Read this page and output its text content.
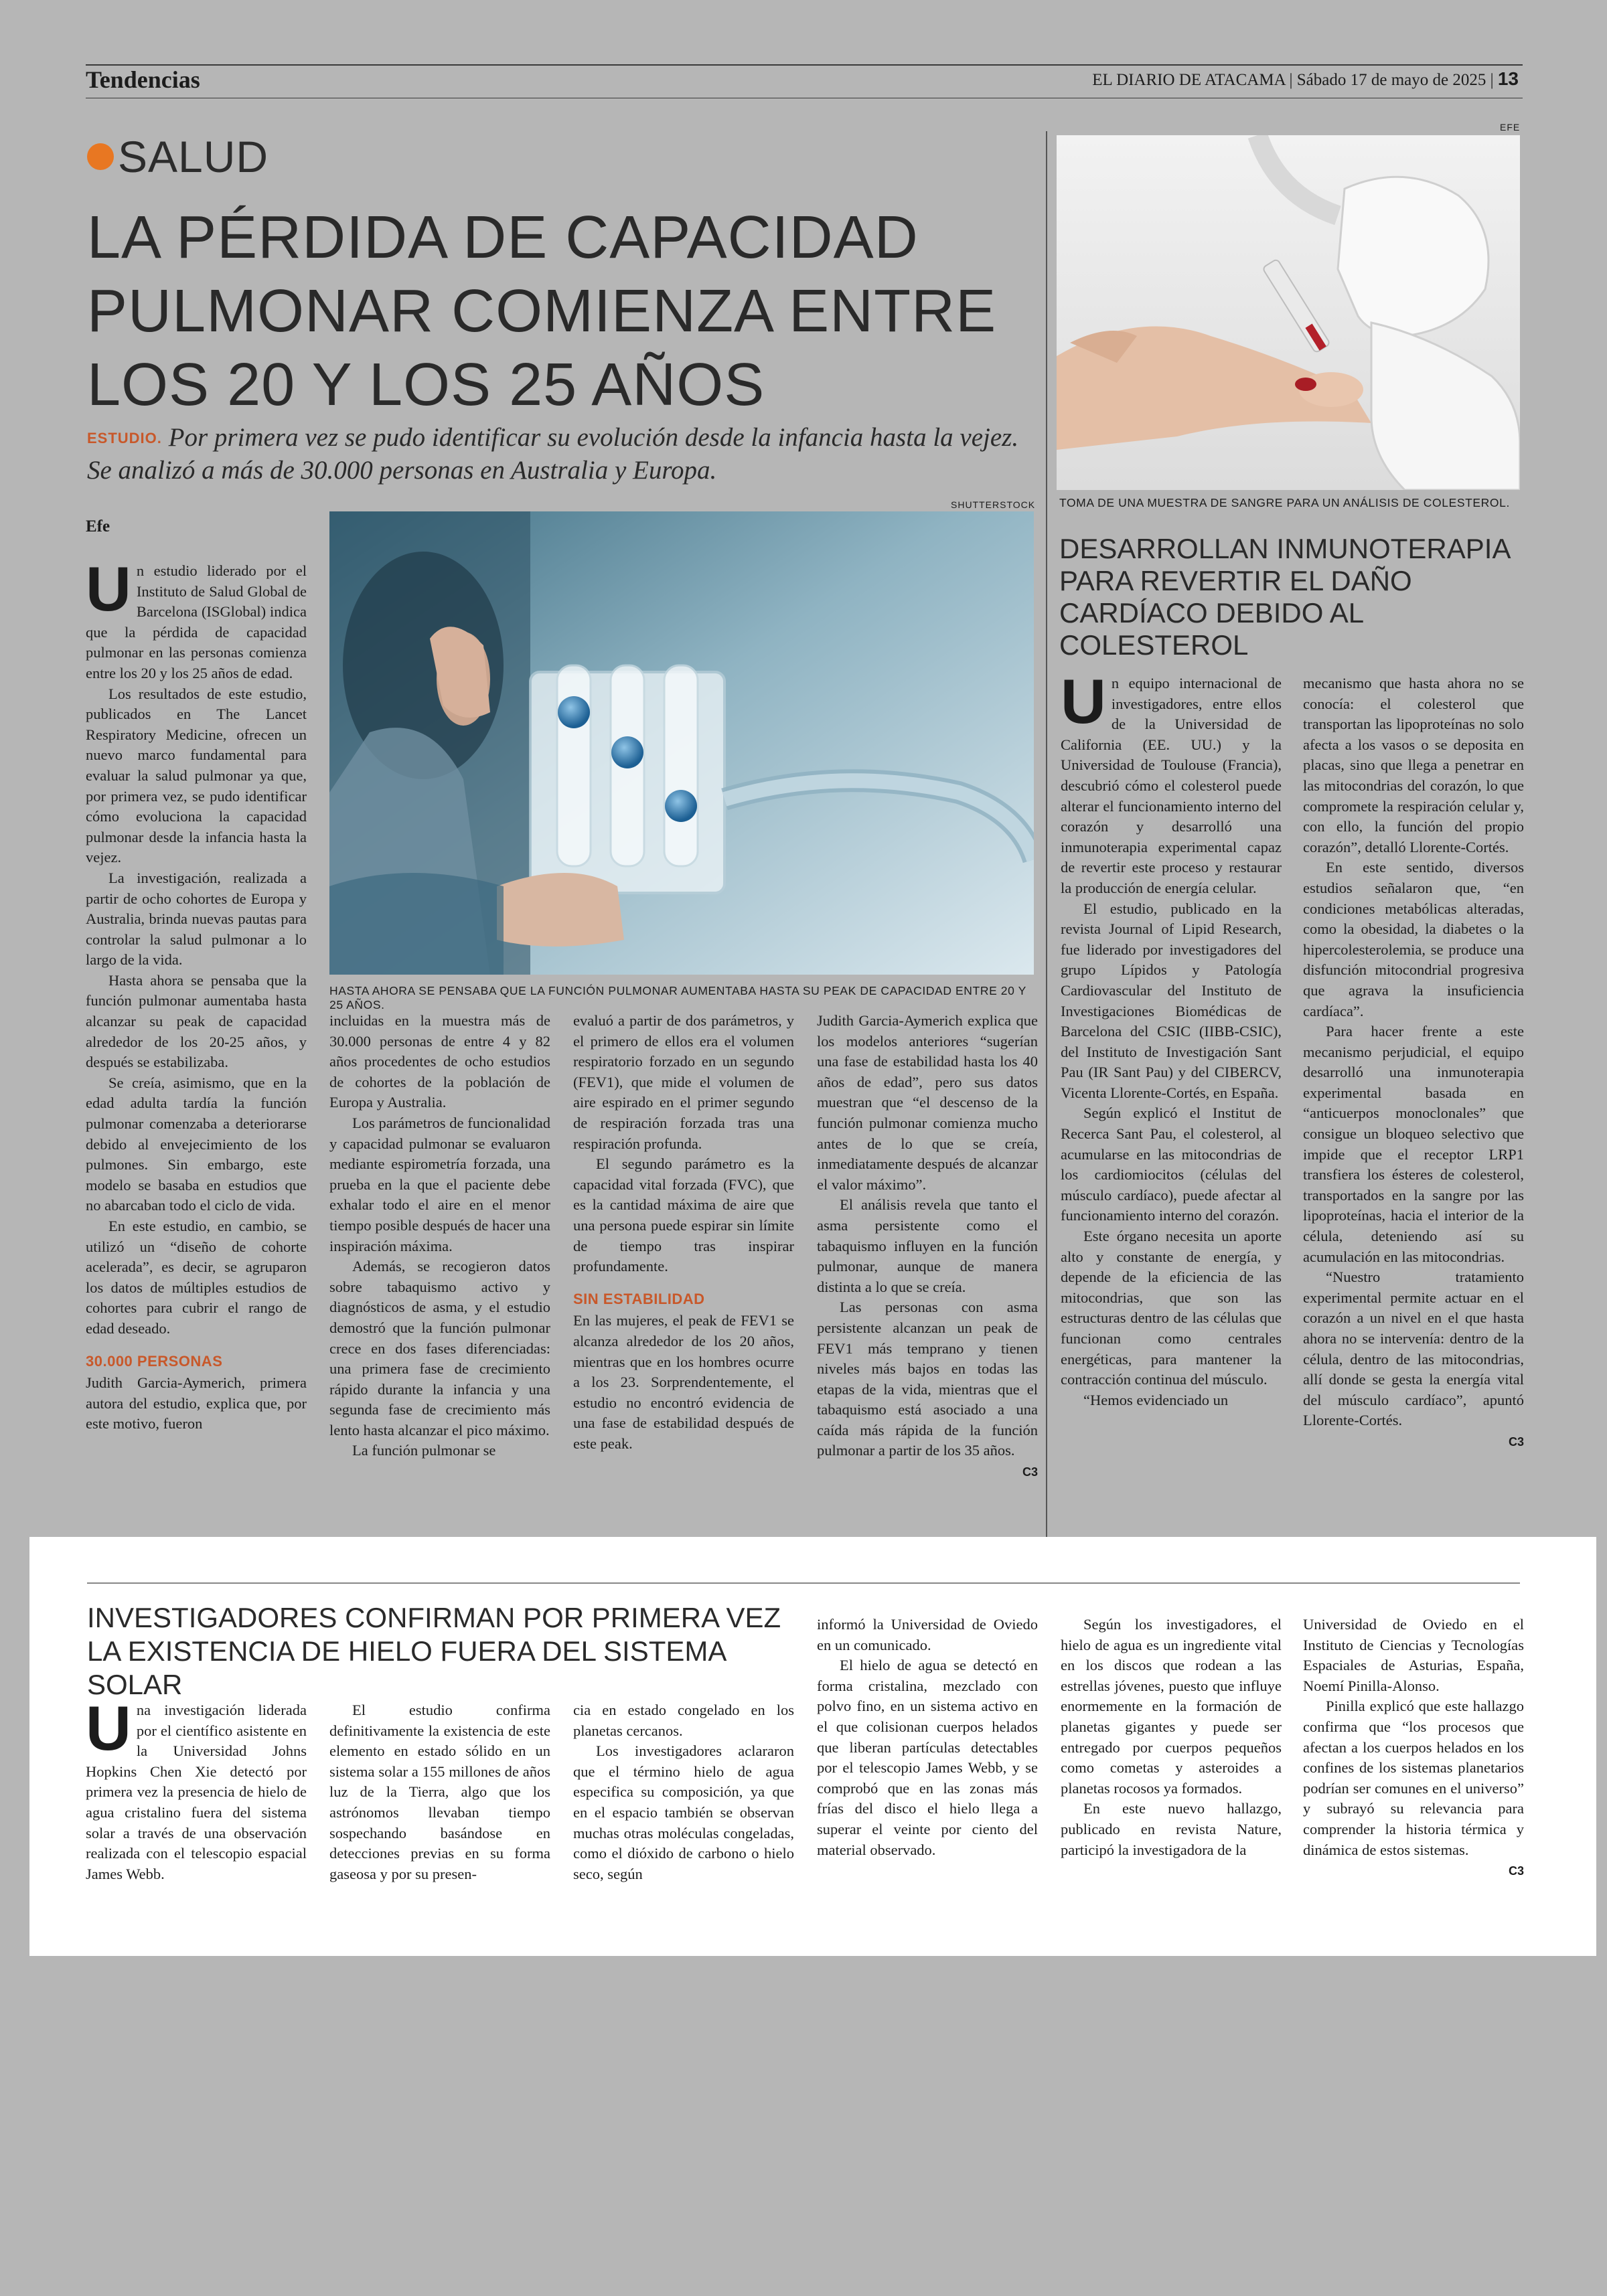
Tendencias	EL DIARIO DE ATACAMA | Sábado 17 de mayo de 2025 | 13
SALUD
LA PÉRDIDA DE CAPACIDAD PULMONAR COMIENZA ENTRE LOS 20 Y LOS 25 AÑOS
ESTUDIO. Por primera vez se pudo identificar su evolución desde la infancia hasta la vejez. Se analizó a más de 30.000 personas en Australia y Europa.
SHUTTERSTOCK
Efe
HASTA AHORA SE PENSABA QUE LA FUNCIÓN PULMONAR AUMENTABA HASTA SU PEAK DE CAPACIDAD ENTRE 20 Y 25 AÑOS.

Un estudio liderado por el Instituto de Salud Global de Barcelona (ISGlobal) indica que la pérdida de capacidad pulmonar en las personas comienza entre los 20 y los 25 años de edad.

Los resultados de este estudio, publicados en The Lancet Respiratory Medicine, ofrecen un nuevo marco fundamental para evaluar la salud pulmonar ya que, por primera vez, se pudo identificar cómo evoluciona la capacidad pulmonar desde la infancia hasta la vejez.

La investigación, realizada a partir de ocho cohortes de Europa y Australia, brinda nuevas pautas para controlar la salud pulmonar a lo largo de la vida.

Hasta ahora se pensaba que la función pulmonar aumentaba hasta alcanzar su peak de capacidad alrededor de los 20-25 años, y después se estabilizaba.

Se creía, asimismo, que en la edad adulta tardía la función pulmonar comenzaba a deteriorarse debido al envejecimiento de los pulmones. Sin embargo, este modelo se basaba en estudios que no abarcaban todo el ciclo de vida.

En este estudio, en cambio, se utilizó un “diseño de cohorte acelerada”, es decir, se agruparon los datos de múltiples estudios de cohortes para cubrir el rango de edad deseado.

30.000 PERSONAS

Judith Garcia-Aymerich, primera autora del estudio, explica que, por este motivo, fueron

incluidas en la muestra más de 30.000 personas de entre 4 y 82 años procedentes de ocho estudios de cohortes de la población de Europa y Australia.

Los parámetros de funcionalidad y capacidad pulmonar se evaluaron mediante espirometría forzada, una prueba en la que el paciente debe exhalar todo el aire en el menor tiempo posible después de hacer una inspiración máxima.

Además, se recogieron datos sobre tabaquismo activo y diagnósticos de asma, y el estudio demostró que la función pulmonar crece en dos fases diferenciadas: una primera fase de crecimiento rápido durante la infancia y una segunda fase de crecimiento más lento hasta alcanzar el pico máximo.

La función pulmonar se

evaluó a partir de dos parámetros, y el primero de ellos era el volumen respiratorio forzado en un segundo (FEV1), que mide el volumen de aire espirado en el primer segundo de respiración forzada tras una respiración profunda.

El segundo parámetro es la capacidad vital forzada (FVC), que es la cantidad máxima de aire que una persona puede espirar sin límite de tiempo tras inspirar profundamente.

SIN ESTABILIDAD

En las mujeres, el peak de FEV1 se alcanza alrededor de los 20 años, mientras que en los hombres ocurre a los 23. Sorprendentemente, el estudio no encontró evidencia de una fase de estabilidad después de este peak.

Judith Garcia-Aymerich explica que los modelos anteriores “sugerían una fase de estabilidad hasta los 40 años de edad”, pero sus datos muestran que “el descenso de la función pulmonar comienza mucho antes de lo que se creía, inmediatamente después de alcanzar el valor máximo”.

El análisis revela que tanto el asma persistente como el tabaquismo influyen en la función pulmonar, aunque de manera distinta a lo que se creía.

Las personas con asma persistente alcanzan un peak de FEV1 más temprano y tienen niveles más bajos en todas las etapas de la vida, mientras que el tabaquismo está asociado a una caída más rápida de la función pulmonar a partir de los 35 años.

C3
EFE
TOMA DE UNA MUESTRA DE SANGRE PARA UN ANÁLISIS DE COLESTEROL.
DESARROLLAN INMUNOTERAPIA PARA REVERTIR EL DAÑO CARDÍACO DEBIDO AL COLESTEROL

Un equipo internacional de investigadores, entre ellos de la Universidad de California (EE. UU.) y la Universidad de Toulouse (Francia), descubrió cómo el colesterol puede alterar el funcionamiento interno del corazón y desarrolló una inmunoterapia experimental capaz de revertir este proceso y restaurar la producción de energía celular.

El estudio, publicado en la revista Journal of Lipid Research, fue liderado por investigadores del grupo Lípidos y Patología Cardiovascular del Instituto de Investigaciones Biomédicas de Barcelona del CSIC (IIBB-CSIC), del Instituto de Investigación Sant Pau (IR Sant Pau) y del CIBERCV, Vicenta Llorente-Cortés, en España.

Según explicó el Institut de Recerca Sant Pau, el colesterol, al acumularse en las mitocondrias de los cardiomiocitos (células del músculo cardíaco), puede afectar al funcionamiento interno del corazón.

Este órgano necesita un aporte alto y constante de energía, y depende de la eficiencia de las mitocondrias, que son las estructuras dentro de las células que funcionan como centrales energéticas, para mantener la contracción continua del músculo.

“Hemos evidenciado un

mecanismo que hasta ahora no se conocía: el colesterol que transportan las lipoproteínas no solo afecta a los vasos o se deposita en placas, sino que llega a penetrar en las mitocondrias del corazón, lo que compromete la respiración celular y, con ello, la función del propio corazón”, detalló Llorente-Cortés.

En este sentido, diversos estudios señalaron que, “en condiciones metabólicas alteradas, como la obesidad, la diabetes o la hipercolesterolemia, se produce una disfunción mitocondrial progresiva que agrava la insuficiencia cardíaca”.

Para hacer frente a este mecanismo perjudicial, el equipo desarrolló una inmunoterapia experimental basada en “anticuerpos monoclonales” que consigue un bloqueo selectivo que impide que el receptor LRP1 transfiera los ésteres de colesterol, transportados en la sangre por las lipoproteínas, hacia el interior de la célula, deteniendo así su acumulación en las mitocondrias.

“Nuestro tratamiento experimental permite actuar en el corazón a un nivel en el que hasta ahora no se intervenía: dentro de la célula, dentro de las mitocondrias, allí donde se gesta la energía vital del músculo cardíaco”, apuntó Llorente-Cortés.

C3
INVESTIGADORES CONFIRMAN POR PRIMERA VEZ LA EXISTENCIA DE HIELO FUERA DEL SISTEMA SOLAR

Una investigación liderada por el científico asistente en la Universidad Johns Hopkins Chen Xie detectó por primera vez la presencia de hielo de agua cristalino fuera del sistema solar a través de una observación realizada con el telescopio espacial James Webb.

El estudio confirma definitivamente la existencia de este elemento en estado sólido en un sistema solar a 155 millones de años luz de la Tierra, algo que los astrónomos llevaban tiempo sospechando basándose en detecciones previas en su forma gaseosa y por su presen-

cia en estado congelado en los planetas cercanos.

Los investigadores aclararon que el término hielo de agua especifica su composición, ya que en el espacio también se observan muchas otras moléculas congeladas, como el dióxido de carbono o hielo seco, según

informó la Universidad de Oviedo en un comunicado.

El hielo de agua se detectó en forma cristalina, mezclado con polvo fino, en un sistema activo en el que colisionan cuerpos helados que liberan partículas detectables por el telescopio James Webb, y se comprobó que en las zonas más frías del disco el hielo llega a superar el veinte por ciento del material observado.

Según los investigadores, el hielo de agua es un ingrediente vital en los discos que rodean a las estrellas jóvenes, puesto que influye enormemente en la formación de planetas gigantes y puede ser entregado por cuerpos pequeños como cometas y asteroides a planetas rocosos ya formados.

En este nuevo hallazgo, publicado en revista Nature, participó la investigadora de la

Universidad de Oviedo en el Instituto de Ciencias y Tecnologías Espaciales de Asturias, España, Noemí Pinilla-Alonso.

Pinilla explicó que este hallazgo confirma que “los procesos que afectan a los cuerpos helados en los confines de los sistemas planetarios podrían ser comunes en el universo” y subrayó su relevancia para comprender la historia térmica y dinámica de estos sistemas.

C3
